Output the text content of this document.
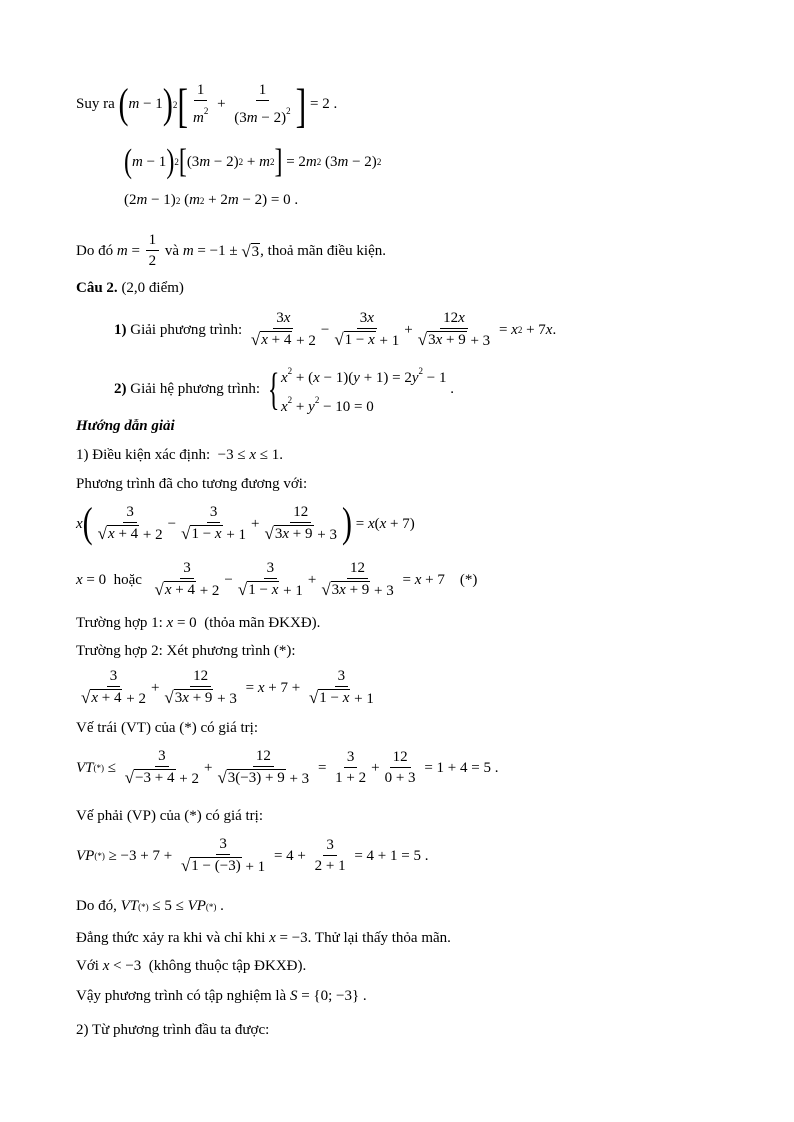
Suy ra
( m − 1 ) 2 [ $\frac{1}{m^2} + \frac{1}{(3m - 2)^2}$ ] = 2 .
( m − 1 ) 2 [ (3 m − 2) 2 + m 2 ] = 2 m 2 (3 m − 2) 2
(2 m − 1) 2 ( m 2 + 2 m − 2) = 0 .
Do đó
$m = \frac{1}{2}$
và
m = −1 ± √ 3 , thoả mãn điều kiện.
Câu 2.
(2,0 điểm)
1)
Giải phương trình:
$\frac{3x}{√ x + 4 + 2} - \frac{3x}{√ 1 - x + 1} + \frac{12x}{√ 3x + 9 + 3} = x$ 2 + 7 x .
2)
Giải hệ phương trình:
{ $x^2 + (x - 1)(y + 1) = 2y^2 - 1$
$x^2 + y^2 - 10 = 0$
.
Hướng dẫn giải
1) Điều kiện xác định: −3 ≤ x ≤ 1.
Phương trình đã cho tương đương với:
x ( $\frac{3}{√ x + 4 + 2} - \frac{3}{√ 1 - x + 1} + \frac{12}{√ 3x + 9 + 3}$ ) = x ( x + 7)
x = 0 hoặc
$\frac{3}{√ x + 4 + 2} - \frac{3}{√ 1 - x + 1} + \frac{12}{√ 3x + 9 + 3} = x + 7$ (*)
Trường hợp 1:
x = 0 (thỏa mãn ĐKXĐ).
Trường hợp 2: Xét phương trình (*):
$\frac{3}{√ x + 4 + 2} + \frac{12}{√ 3x + 9 + 3} = x + 7 + \frac{3}{√ 1 - x + 1}$
Vế trái (VT) của (*) có giá trị:
VT (*) ≤ $\frac{3}{√ -3 + 4 + 2} + \frac{12}{√ 3(-3) + 9 + 3} = \frac{3}{1 + 2} + \frac{12}{0 + 3} = 1 + 4 = 5$ .
Vế phải (VP) của (*) có giá trị:
VP (*) ≥ $-3 + 7 + \frac{3}{√ 1 - (-3) + 1} = 4 + \frac{3}{2 + 1} = 4 + 1 = 5$ .
Do đó,
VT (*) ≤ 5 ≤ VP (*) .
Đẳng thức xảy ra khi và chỉ khi
x = −3 . Thử lại thấy thỏa mãn.
Với
x < −3 (không thuộc tập ĐKXĐ).
Vậy phương trình có tập nghiệm là
S = {0; −3} .
2) Từ phương trình đầu ta được:
